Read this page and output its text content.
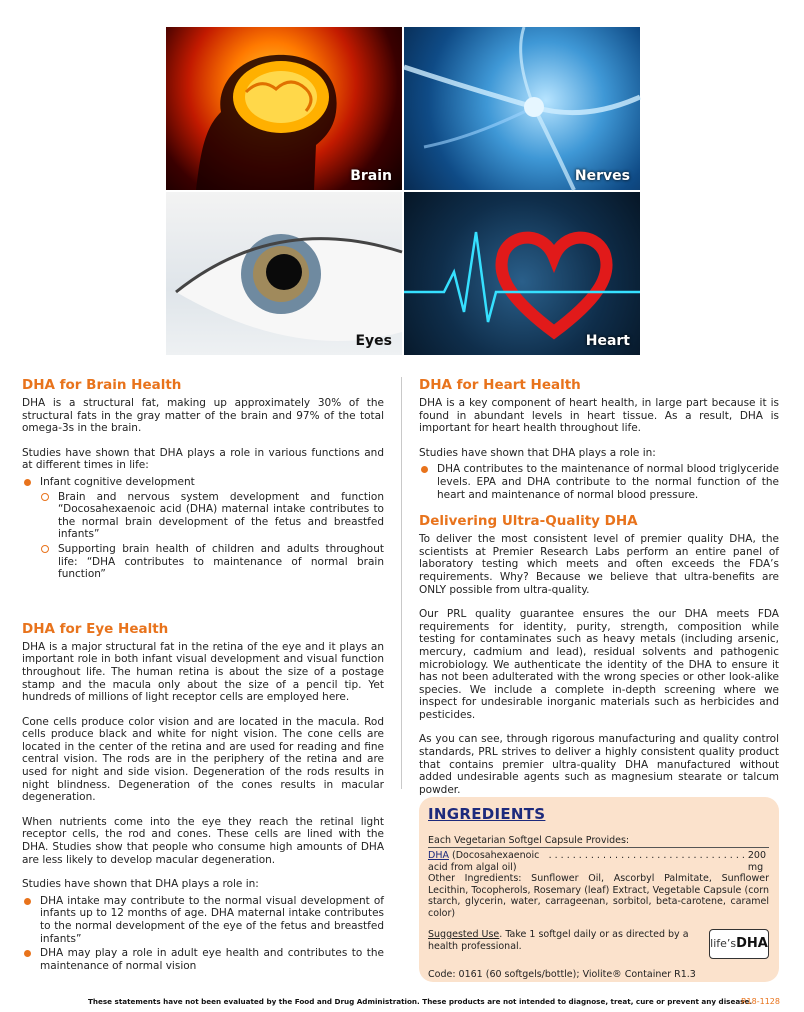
Brain	Nerves
Eyes	Heart
DHA for Brain Health

DHA is a structural fat, making up approximately 30% of the structural fats in the gray matter of the brain and 97% of the total omega-3s in the brain.

Studies have shown that DHA plays a role in various functions and at different times in life:

Infant cognitive development
Brain and nervous system development and function “Docosahexaenoic acid (DHA) maternal intake contributes to the normal brain development of the fetus and breastfed infants”
Supporting brain health of children and adults throughout life: “DHA contributes to maintenance of normal brain function”
DHA for Eye Health

DHA is a major structural fat in the retina of the eye and it plays an important role in both infant visual development and visual function throughout life. The human retina is about the size of a postage stamp and the macula only about the size of a pencil tip. Yet hundreds of millions of light receptor cells are employed here.

Cone cells produce color vision and are located in the macula. Rod cells produce black and white for night vision. The cone cells are located in the center of the retina and are used for reading and fine central vision. The rods are in the periphery of the retina and are used for night and side vision. Degeneration of the rods results in night blindness. Degeneration of the cones results in macular degeneration.

When nutrients come into the eye they reach the retinal light receptor cells, the rod and cones. These cells are lined with the DHA. Studies show that people who consume high amounts of DHA are less likely to develop macular degeneration.

Studies have shown that DHA plays a role in:

DHA intake may contribute to the normal visual development of infants up to 12 months of age. DHA maternal intake contributes to the normal development of the eye of the fetus and breastfed infants”
DHA may play a role in adult eye health and contributes to the maintenance of normal vision
DHA for Heart Health

DHA is a key component of heart health, in large part because it is found in abundant levels in heart tissue. As a result, DHA is important for heart health throughout life.

Studies have shown that DHA plays a role in:

DHA contributes to the maintenance of normal blood triglyceride levels. EPA and DHA contribute to the normal function of the heart and maintenance of normal blood pressure.
Delivering Ultra-Quality DHA

To deliver the most consistent level of premier quality DHA, the scientists at Premier Research Labs perform an entire panel of laboratory testing which meets and often exceeds the FDA’s requirements. Why? Because we believe that ultra-benefits are ONLY possible from ultra-quality.

Our PRL quality guarantee ensures the our DHA meets FDA requirements for identity, purity, strength, composition while testing for contaminates such as heavy metals (including arsenic, mercury, cadmium and lead), residual solvents and pathogenic microbiology. We authenticate the identity of the DHA to ensure it has not been adulterated with the wrong species or other look-alike species. We include a complete in-depth screening where we inspect for undesirable inorganic materials such as herbicides and pesticides.

As you can see, through rigorous manufacturing and quality control standards, PRL strives to deliver a highly consistent quality product that contains premier ultra-quality DHA manufactured without added undesirable agents such as magnesium stearate or talcum powder.

INGREDIENTS
Each Vegetarian Softgel Capsule Provides:
DHA (Docosahexaenoic acid from algal oil)
. . . . . . . . . . . . . . . . . . . . . . . . . . . . . . . . . 200 mg
Other Ingredients: Sunflower Oil, Ascorbyl Palmitate, Sunflower Lecithin, Tocopherols, Rosemary (leaf) Extract, Vegetable Capsule (corn starch, glycerin, water, carrageenan, sorbitol, beta-carotene, caramel color)
Suggested Use. Take 1 softgel daily or as directed by a health professional.	life’s DHA
Code: 0161 (60 softgels/bottle); Violite® Container R1.3
These statements have not been evaluated by the Food and Drug Administration. These products are not intended to diagnose, treat, cure or prevent any disease.
R18-1128
